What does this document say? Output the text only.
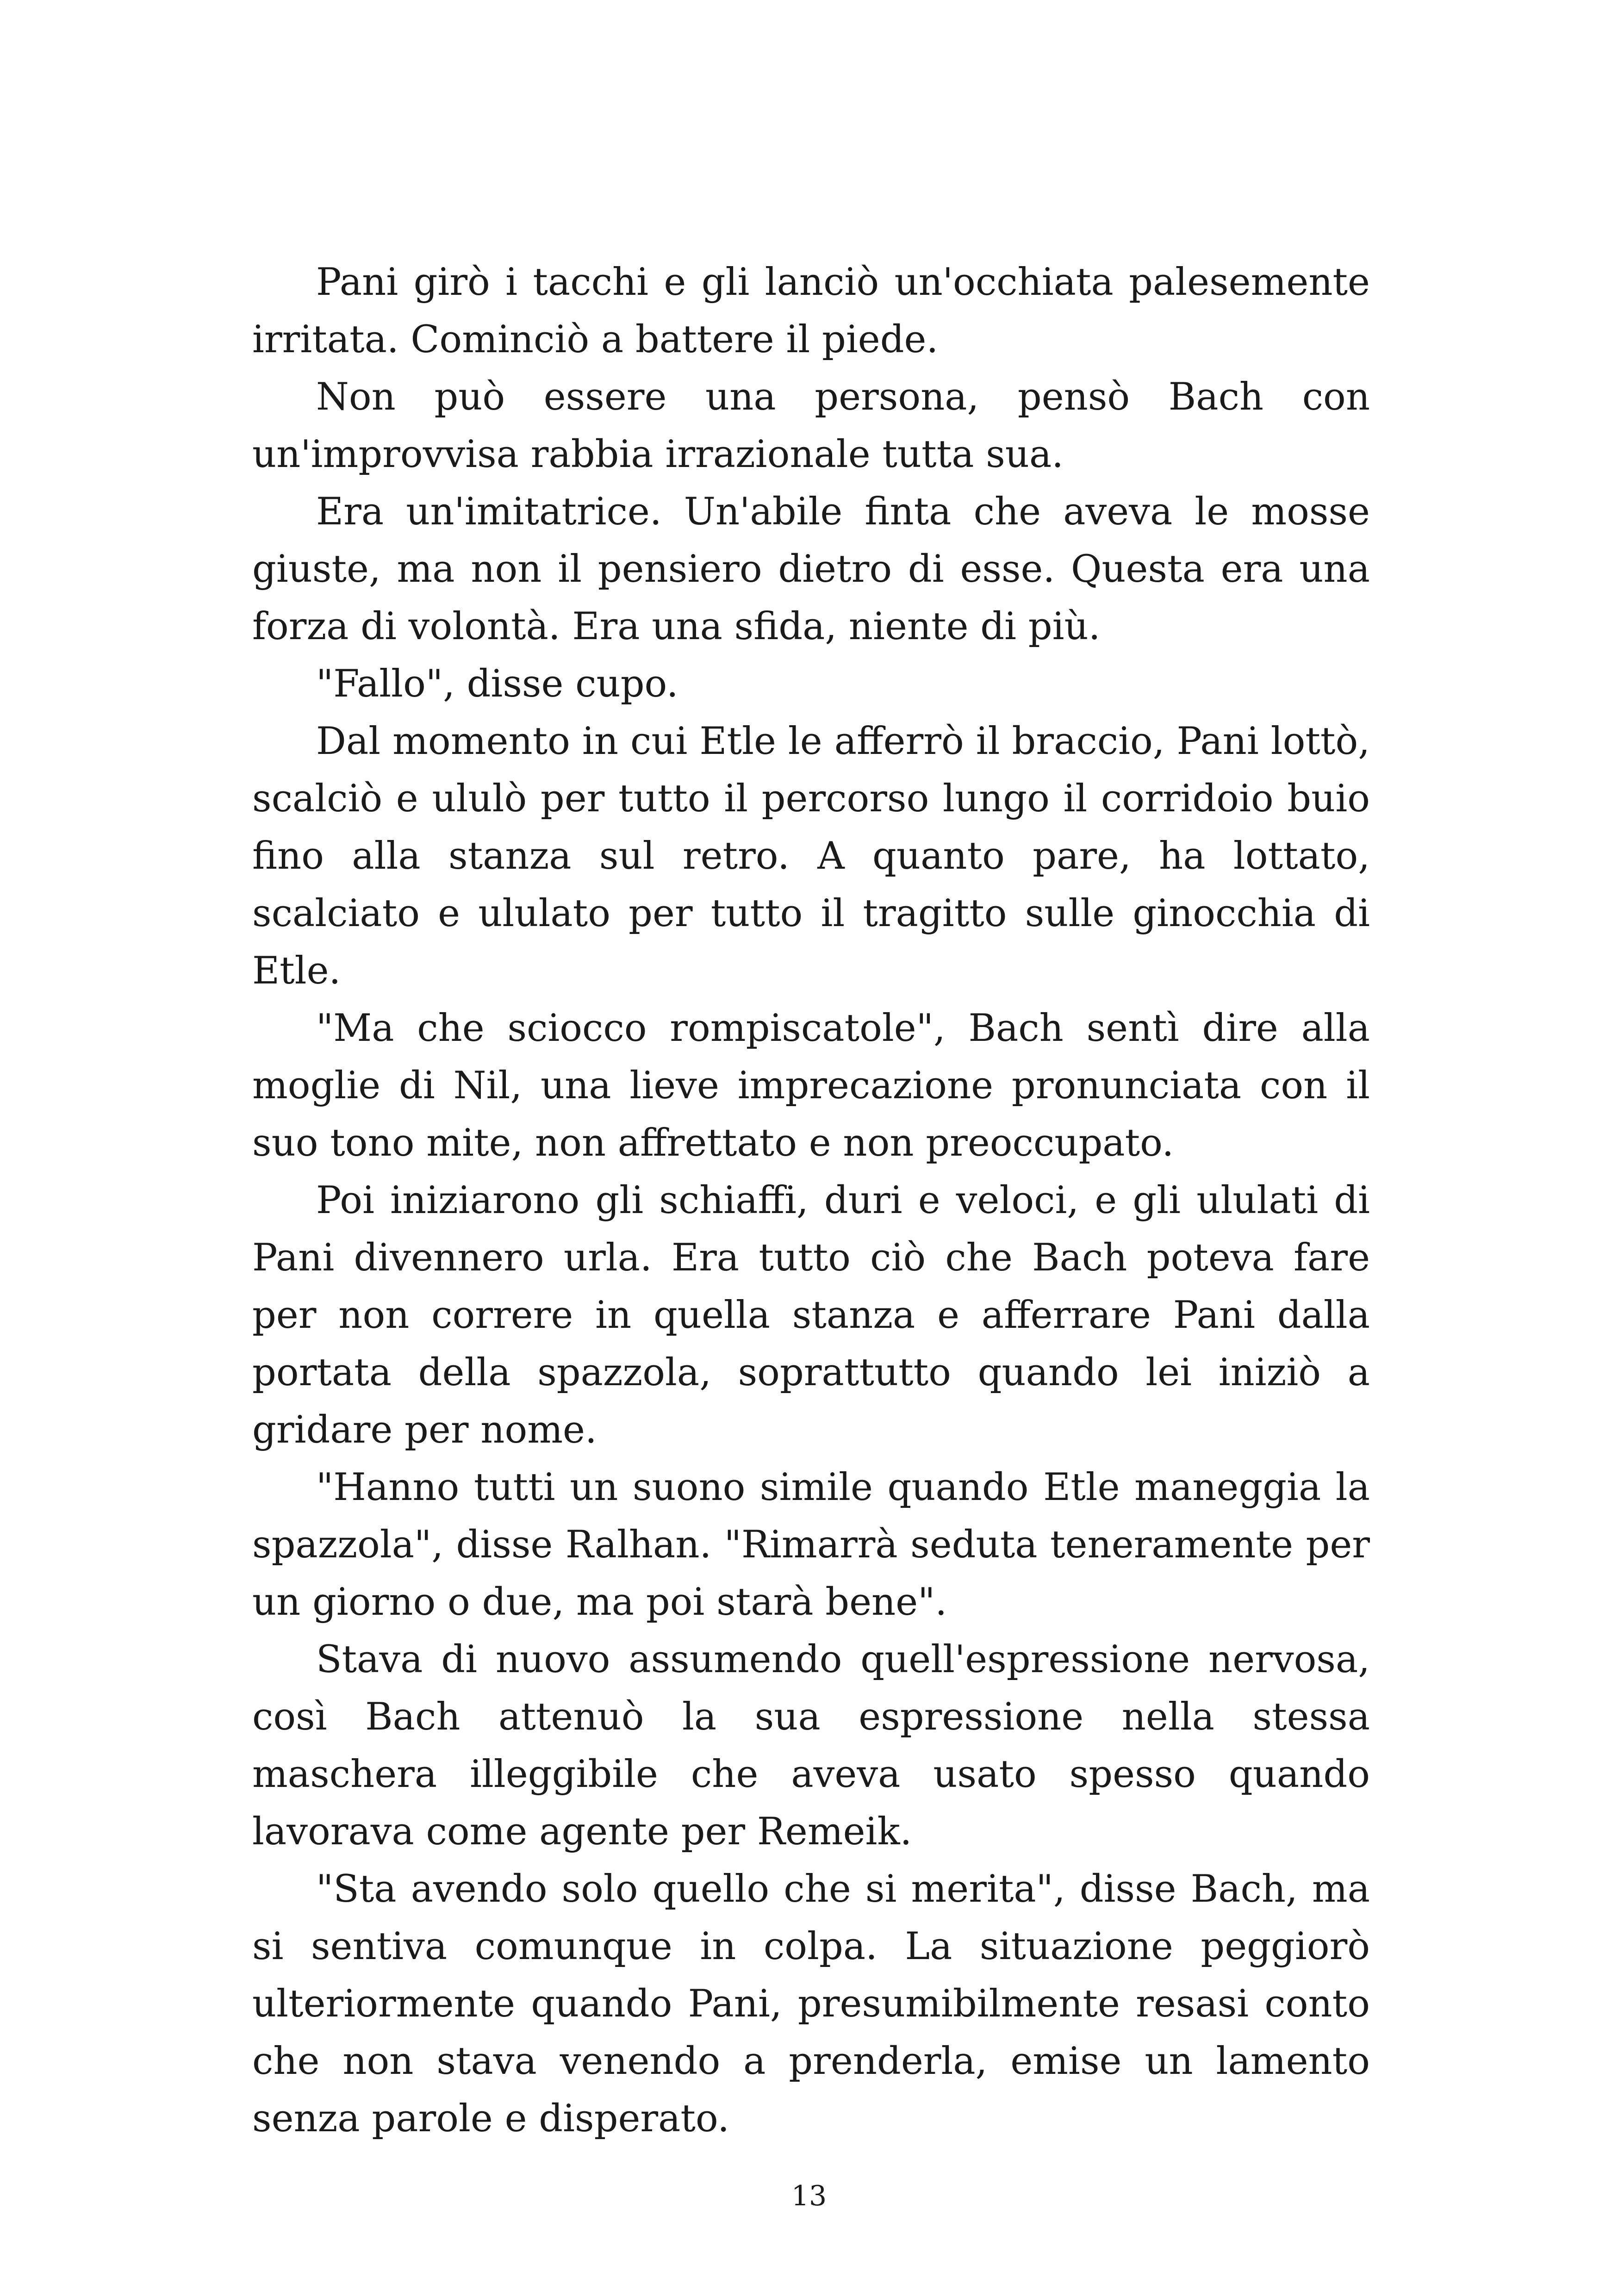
Pani girò i tacchi e gli lanciò un'occhiata palesemente irritata. Cominciò a battere il piede.

Non può essere una persona, pensò Bach con un'improvvisa rabbia irrazionale tutta sua.

Era un'imitatrice. Un'abile finta che aveva le mosse giuste, ma non il pensiero dietro di esse. Questa era una forza di volontà. Era una sfida, niente di più.

"Fallo", disse cupo.

Dal momento in cui Etle le afferrò il braccio, Pani lottò, scalciò e ululò per tutto il percorso lungo il corridoio buio fino alla stanza sul retro. A quanto pare, ha lottato, scalciato e ululato per tutto il tragitto sulle ginocchia di Etle.

"Ma che sciocco rompiscatole", Bach sentì dire alla moglie di Nil, una lieve imprecazione pronunciata con il suo tono mite, non affrettato e non preoccupato.

Poi iniziarono gli schiaffi, duri e veloci, e gli ululati di Pani divennero urla. Era tutto ciò che Bach poteva fare per non correre in quella stanza e afferrare Pani dalla portata della spazzola, soprattutto quando lei iniziò a gridare per nome.

"Hanno tutti un suono simile quando Etle maneggia la spazzola", disse Ralhan. "Rimarrà seduta teneramente per un giorno o due, ma poi starà bene".

Stava di nuovo assumendo quell'espressione nervosa, così Bach attenuò la sua espressione nella stessa maschera illeggibile che aveva usato spesso quando lavorava come agente per Remeik.

"Sta avendo solo quello che si merita", disse Bach, ma si sentiva comunque in colpa. La situazione peggiorò ulteriormente quando Pani, presumibilmente resasi conto che non stava venendo a prenderla, emise un lamento senza parole e disperato.

13
